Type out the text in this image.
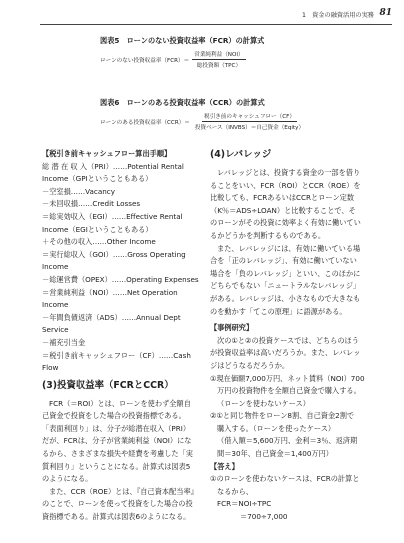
1　資金の融資活用の実務 81
図表5　ローンのない投資収益率（FCR）の計算式
ローンのない投資収益率$(FCR)= \frac{\text{営業純利益（NOI）}}{\text{総投資額（TPC）}}$
図表6　ローンのある投資収益率（CCR）の計算式
ローンのある投資収益率$(CCR)= \frac{\text{税引き前のキャッシュフロー（CF）}}{\text{投資ベース（INVBS）＝自己資金（Eqity）}}$
【税引き前キャッシュフロー算出手順】
総 潜 在 収 入（PRI）……Potential Rental
Income（GPIということもある）
－空室損……Vacancy
－未回収損……Credit Losses
＝総実効収入（EGI）……Effective Rental
Income（EGIということもある）
＋その他の収入……Other Income
＝実行総収入（GOI）……Gross Operating
Income
－総運営費（OPEX）……Operating Expenses
＝営業純利益（NOI）……Net Operation
Income
－年間負債返済（ADS）……Annual Dept
Service
－補充引当金
＝税引き前キャッシュフロー（CF）……Cash
Flow
(3)投資収益率（FCRとCCR）
FCR（＝ROI）とは、ローンを使わず全額自
己資金で投資をした場合の投資指標である。
「表面利回り」は、分子が総潜在収入（PRI）
だが、FCRは、分子が営業純利益（NOI）にな
るから、さまざまな損失や経費を考慮した「実
質利回り」ということになる。計算式は図表5
のようになる。
また、CCR（ROE）とは、『自己資本配当率』
のことで、ローンを使って投資をした場合の投
資指標である。計算式は図表6のようになる。
(4)レバレッジ
レバレッジとは、投資する資金の一部を借り
ることをいい、FCR（ROI）とCCR（ROE）を
比較しても、FCRあるいはCCRとローン定数
（K％＝ADS÷LOAN）と比較することで、そ
のローンがその投資に効率よく有効に働いてい
るかどうかを判断するものである。
また、レバレッジには、有効に働いている場
合を「正のレバレッジ」、有効に働いていない
場合を「負のレバレッジ」といい、このほかに
どちらでもない「ニュートラルなレバレッジ」
がある。レバレッジは、小さなもので大きなも
のを動かす「てこの原理」に語源がある。
【事例研究】
次の①と②の投資ケースでは、どちらのほう
が投資収益率は高いだろうか。また、レバレッ
ジはどうなるだろうか。
①現在価額7,000万円、ネット賃料（NOI）700
万円の投資物件を全額自己資金で購入する。
（ローンを使わないケース）
②①と同じ物件をローン8割、自己資金2割で
購入する。（ローンを使ったケース）
（借入額＝5,600万円、金利＝3％、返済期
間＝30年、自己資金＝1,400万円）
【答え】
①のローンを使わないケースは、FCRの計算と
なるから、
FCR＝NOI÷TPC
＝700÷7,000
